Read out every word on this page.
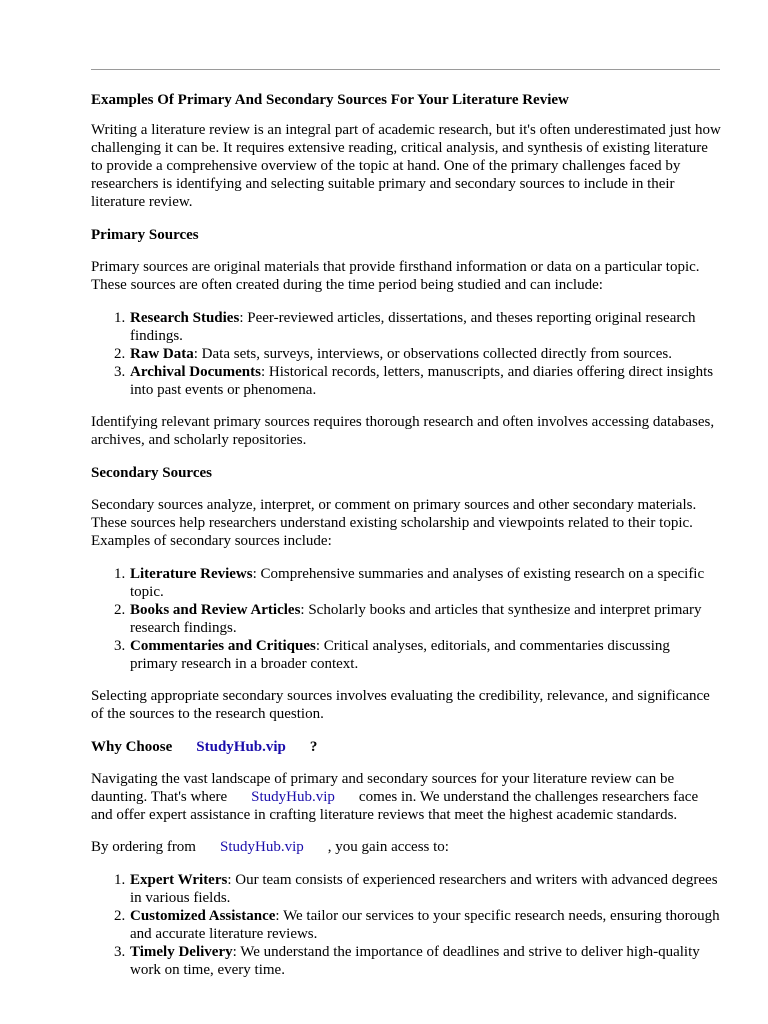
Examples Of Primary And Secondary Sources For Your Literature Review

Writing a literature review is an integral part of academic research, but it's often underestimated just how challenging it can be. It requires extensive reading, critical analysis, and synthesis of existing literature to provide a comprehensive overview of the topic at hand. One of the primary challenges faced by researchers is identifying and selecting suitable primary and secondary sources to include in their literature review.

Primary Sources

Primary sources are original materials that provide firsthand information or data on a particular topic. These sources are often created during the time period being studied and can include:

1. Research Studies: Peer-reviewed articles, dissertations, and theses reporting original research findings.
2. Raw Data: Data sets, surveys, interviews, or observations collected directly from sources.
3. Archival Documents: Historical records, letters, manuscripts, and diaries offering direct insights into past events or phenomena.

Identifying relevant primary sources requires thorough research and often involves accessing databases, archives, and scholarly repositories.

Secondary Sources

Secondary sources analyze, interpret, or comment on primary sources and other secondary materials. These sources help researchers understand existing scholarship and viewpoints related to their topic. Examples of secondary sources include:

1. Literature Reviews: Comprehensive summaries and analyses of existing research on a specific topic.
2. Books and Review Articles: Scholarly books and articles that synthesize and interpret primary research findings.
3. Commentaries and Critiques: Critical analyses, editorials, and commentaries discussing primary research in a broader context.

Selecting appropriate secondary sources involves evaluating the credibility, relevance, and significance of the sources to the research question.

Why Choose StudyHub.vip ?

Navigating the vast landscape of primary and secondary sources for your literature review can be daunting. That's where StudyHub.vip comes in. We understand the challenges researchers face and offer expert assistance in crafting literature reviews that meet the highest academic standards.

By ordering from StudyHub.vip , you gain access to:

1. Expert Writers: Our team consists of experienced researchers and writers with advanced degrees in various fields.
2. Customized Assistance: We tailor our services to your specific research needs, ensuring thorough and accurate literature reviews.
3. Timely Delivery: We understand the importance of deadlines and strive to deliver high-quality work on time, every time.
